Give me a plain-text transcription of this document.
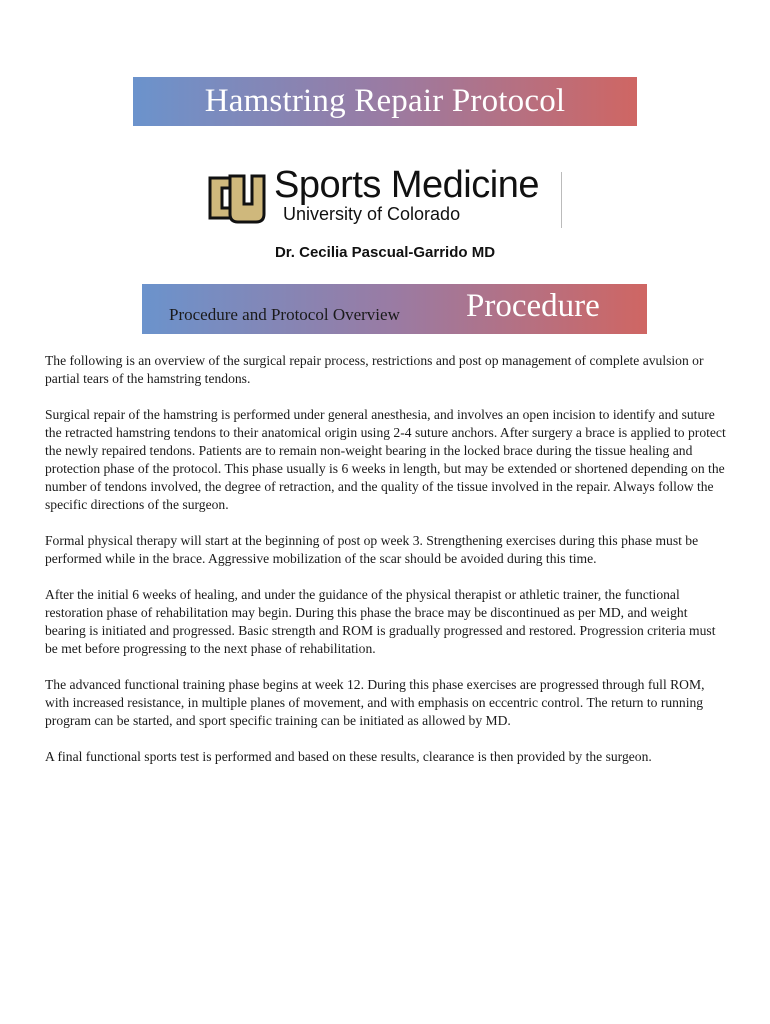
Hamstring Repair Protocol
Sports Medicine
University of Colorado
Dr. Cecilia Pascual-Garrido MD
Procedure and Protocol Overview Procedure

The following is an overview of the surgical repair process, restrictions and post op management of complete avulsion or partial tears of the hamstring tendons.

Surgical repair of the hamstring is performed under general anesthesia, and involves an open incision to identify and suture the retracted hamstring tendons to their anatomical origin using 2-4 suture anchors. After surgery a brace is applied to protect the newly repaired tendons. Patients are to remain non-weight bearing in the locked brace during the tissue healing and protection phase of the protocol. This phase usually is 6 weeks in length, but may be extended or shortened depending on the number of tendons involved, the degree of retraction, and the quality of the tissue involved in the repair. Always follow the specific directions of the surgeon.

Formal physical therapy will start at the beginning of post op week 3. Strengthening exercises during this phase must be performed while in the brace. Aggressive mobilization of the scar should be avoided during this time.

After the initial 6 weeks of healing, and under the guidance of the physical therapist or athletic trainer, the functional restoration phase of rehabilitation may begin. During this phase the brace may be discontinued as per MD, and weight bearing is initiated and progressed. Basic strength and ROM is gradually progressed and restored. Progression criteria must be met before progressing to the next phase of rehabilitation.

The advanced functional training phase begins at week 12. During this phase exercises are progressed through full ROM, with increased resistance, in multiple planes of movement, and with emphasis on eccentric control. The return to running program can be started, and sport specific training can be initiated as allowed by MD.

A final functional sports test is performed and based on these results, clearance is then provided by the surgeon.
